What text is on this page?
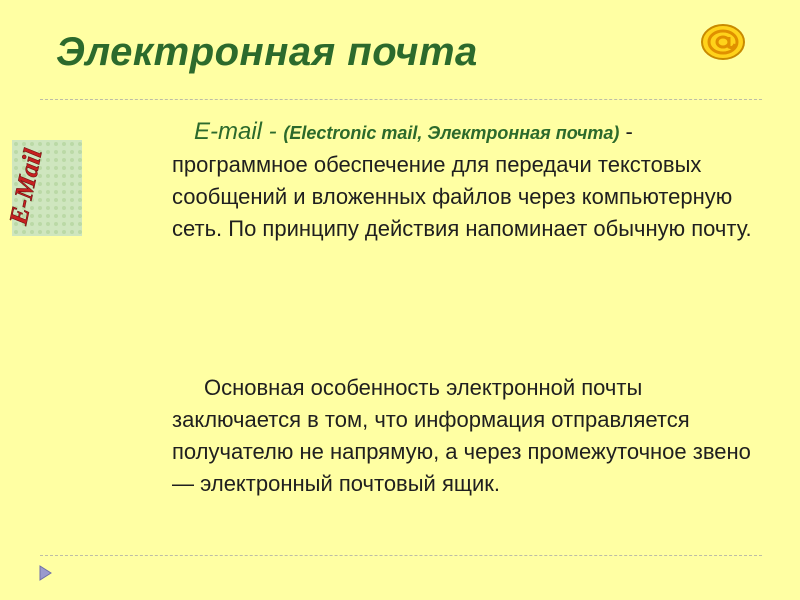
Электронная почта
E-Mail

E-mail - (Electronic mail, Электронная почта) - программное обеспечение для передачи текстовых сообщений и вложенных файлов через компьютерную сеть. По принципу действия напоминает обычную почту.

Основная особенность электронной почты заключается в том, что информация отправляется получателю не напрямую, а через промежуточное звено — электронный почтовый ящик.
